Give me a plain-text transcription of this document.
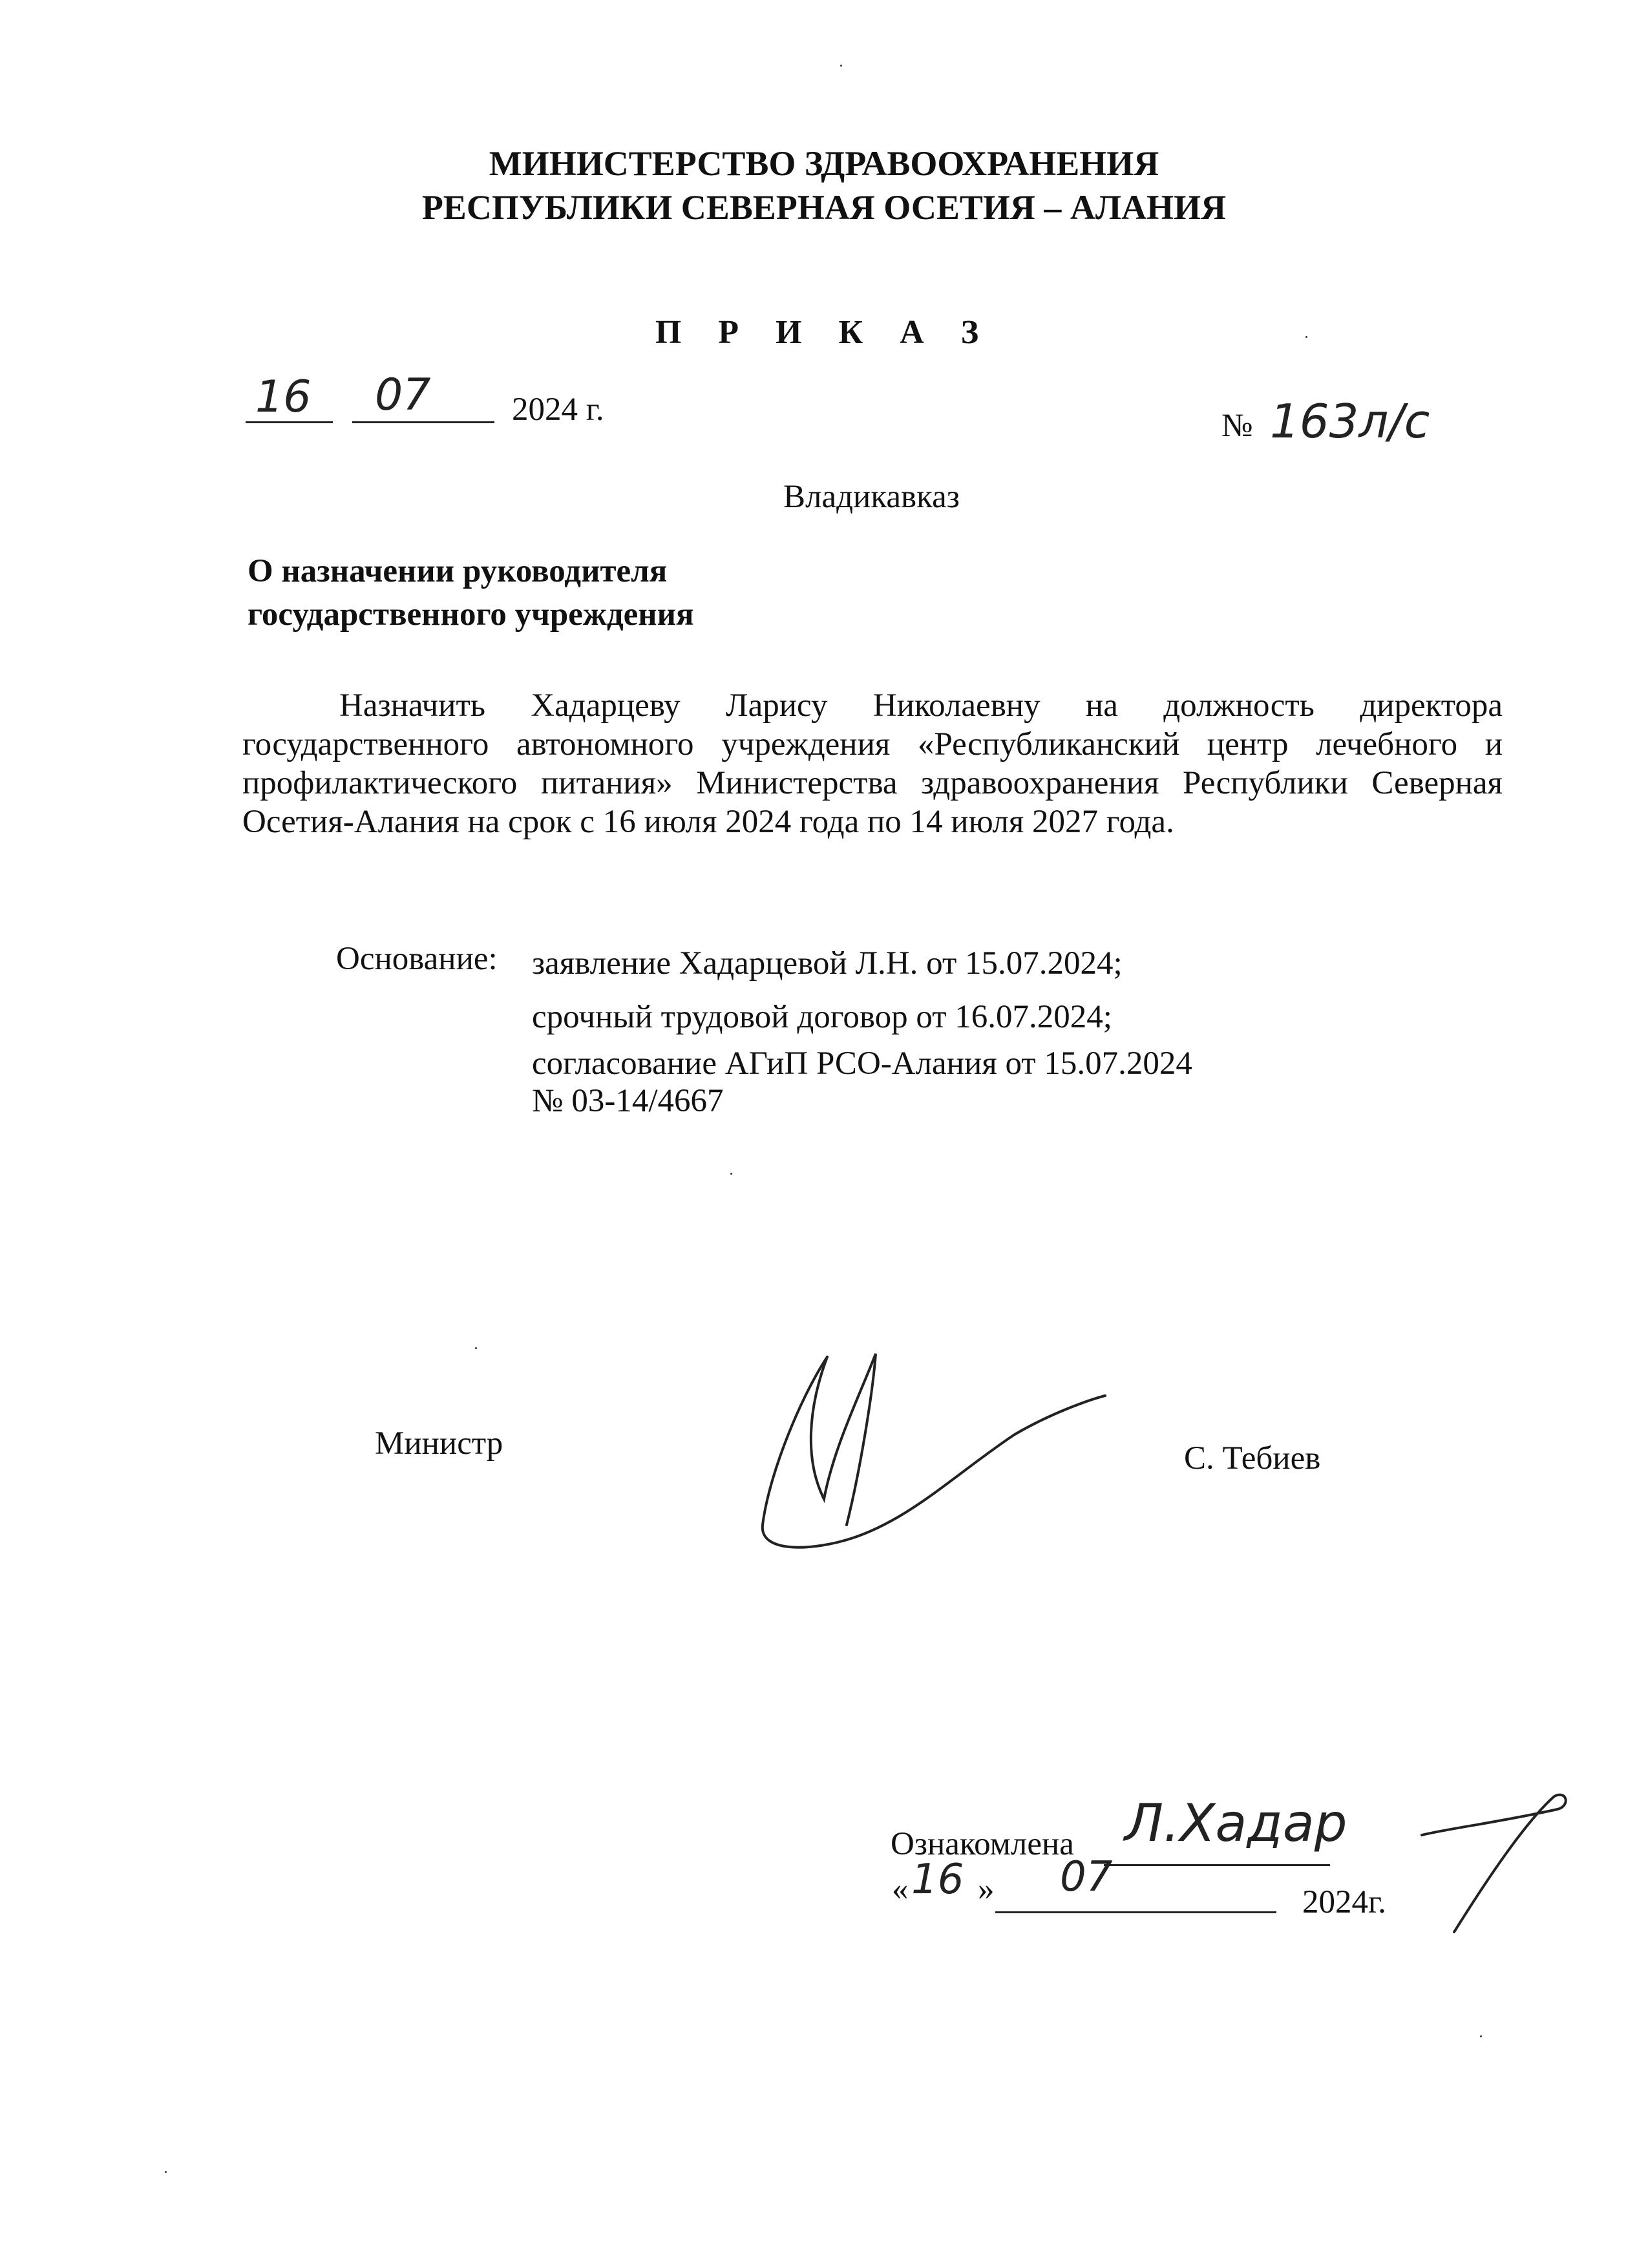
МИНИСТЕРСТВО ЗДРАВООХРАНЕНИЯ
РЕСПУБЛИКИ СЕВЕРНАЯ ОСЕТИЯ – АЛАНИЯ
П Р И К А З
16 07 2024 г.	№ 163л/с
Владикавказ
О назначении руководителя
государственного учреждения
Назначить Хадарцеву Ларису Николаевну на должность директора государственного автономного учреждения «Республиканский центр лечебного и профилактического питания» Министерства здравоохранения Республики Северная Осетия-Алания на срок с 16 июля 2024 года по 14 июля 2027 года.
Основание: заявление Хадарцевой Л.Н. от 15.07.2024;
срочный трудовой договор от 16.07.2024;
согласование АГиП РСО-Алания от 15.07.2024
№ 03-14/4667
Министр	С. Тебиев
Ознакомлена Л.Хадар
« 16 » 07
2024г.
